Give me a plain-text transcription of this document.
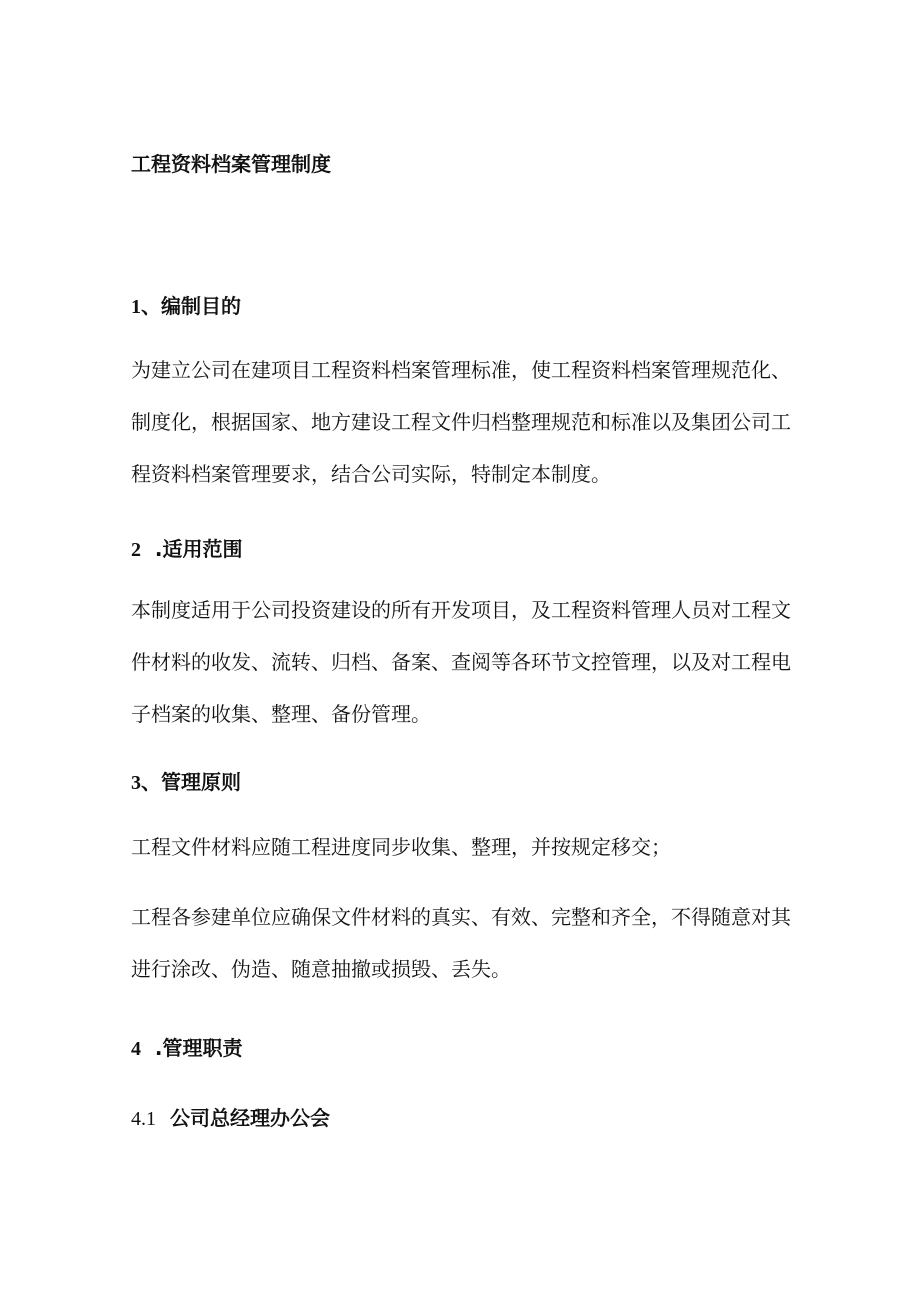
工程资料档案管理制度
1、编制目的
为建立公司在建项目工程资料档案管理标准，使工程资料档案管理规范化、
制度化，根据国家、地方建设工程文件归档整理规范和标准以及集团公司工
程资料档案管理要求，结合公司实际，特制定本制度。
2  .适用范围
本制度适用于公司投资建设的所有开发项目，及工程资料管理人员对工程文
件材料的收发、流转、归档、备案、查阅等各环节文控管理，以及对工程电
子档案的收集、整理、备份管理。
3、管理原则
工程文件材料应随工程进度同步收集、整理，并按规定移交；
工程各参建单位应确保文件材料的真实、有效、完整和齐全，不得随意对其
进行涂改、伪造、随意抽撤或损毁、丢失。
4  .管理职责
4.1 公司总经理办公会
